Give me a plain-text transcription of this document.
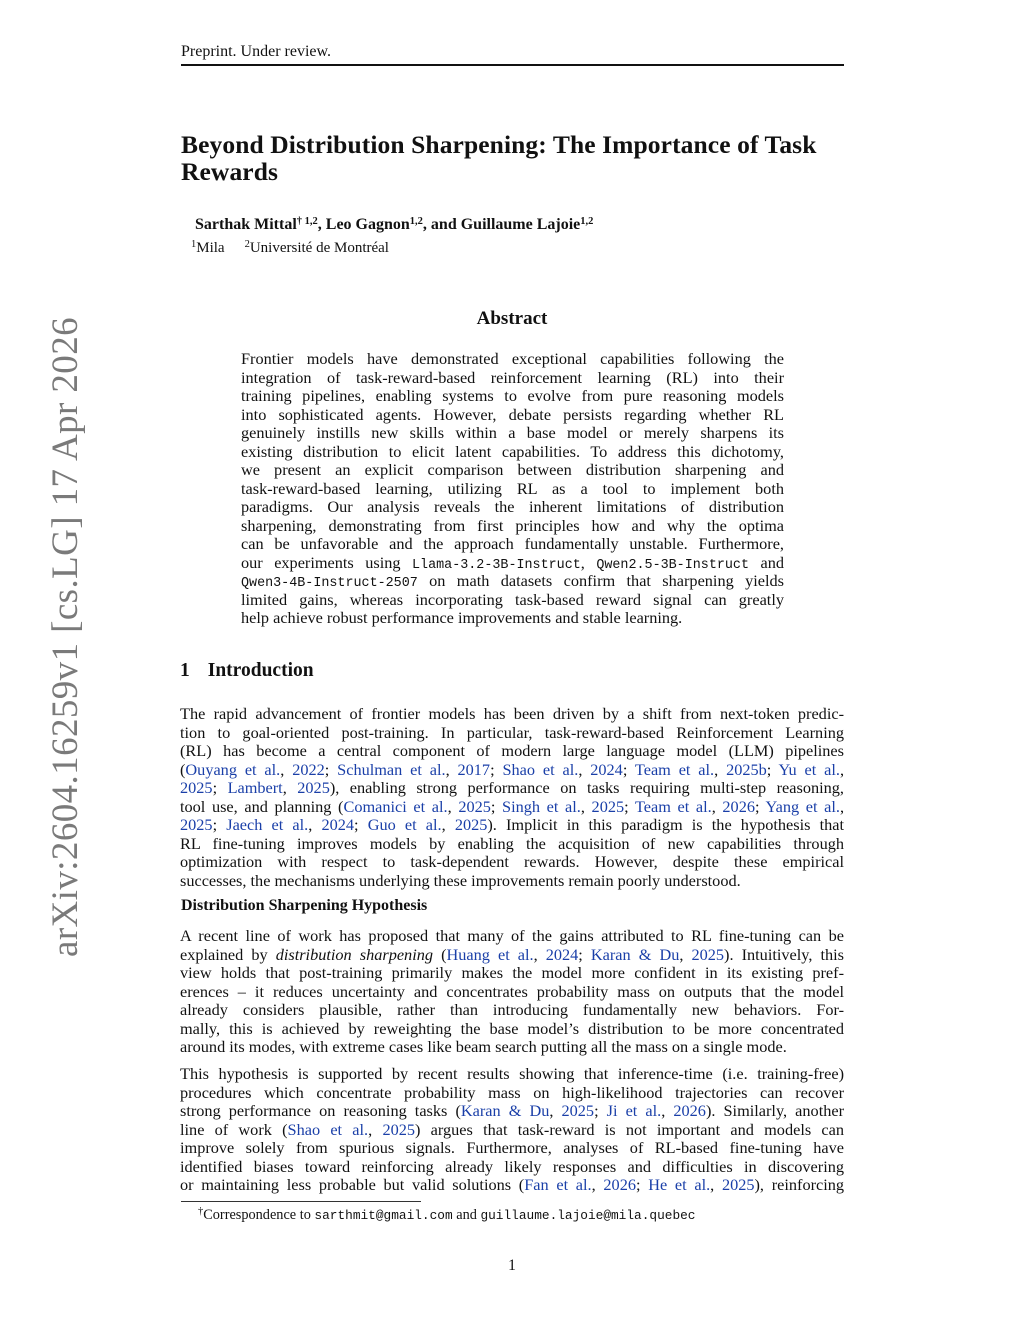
Preprint. Under review.
arXiv:2604.16259v1 [cs.LG] 17 Apr 2026
Beyond Distribution Sharpening: The Importance of Task
Rewards
Sarthak Mittal$^{\dagger 1,2}$, Leo Gagnon$^{1,2}$, and Guillaume Lajoie$^{1,2}$
$^1$Mila $^2$Université de Montréal
Abstract
Frontier models have demonstrated exceptional capabilities following the
integration of task-reward-based reinforcement learning (RL) into their
training pipelines, enabling systems to evolve from pure reasoning models
into sophisticated agents. However, debate persists regarding whether RL
genuinely instills new skills within a base model or merely sharpens its
existing distribution to elicit latent capabilities. To address this dichotomy,
we present an explicit comparison between distribution sharpening and
task-reward-based learning, utilizing RL as a tool to implement both
paradigms. Our analysis reveals the inherent limitations of distribution
sharpening, demonstrating from first principles how and why the optima
can be unfavorable and the approach fundamentally unstable. Furthermore,
our experiments using Llama-3.2-3B-Instruct, Qwen2.5-3B-Instruct and
Qwen3-4B-Instruct-2507 on math datasets confirm that sharpening yields
limited gains, whereas incorporating task-based reward signal can greatly
help achieve robust performance improvements and stable learning.
1 Introduction
The rapid advancement of frontier models has been driven by a shift from next-token predic-
tion to goal-oriented post-training. In particular, task-reward-based Reinforcement Learning
(RL) has become a central component of modern large language model (LLM) pipelines
(Ouyang et al., 2022; Schulman et al., 2017; Shao et al., 2024; Team et al., 2025b; Yu et al.,
2025; Lambert, 2025), enabling strong performance on tasks requiring multi-step reasoning,
tool use, and planning (Comanici et al., 2025; Singh et al., 2025; Team et al., 2026; Yang et al.,
2025; Jaech et al., 2024; Guo et al., 2025). Implicit in this paradigm is the hypothesis that
RL fine-tuning improves models by enabling the acquisition of new capabilities through
optimization with respect to task-dependent rewards. However, despite these empirical
successes, the mechanisms underlying these improvements remain poorly understood.
Distribution Sharpening Hypothesis
A recent line of work has proposed that many of the gains attributed to RL fine-tuning can be
explained by distribution sharpening (Huang et al., 2024; Karan & Du, 2025). Intuitively, this
view holds that post-training primarily makes the model more confident in its existing pref-
erences – it reduces uncertainty and concentrates probability mass on outputs that the model
already considers plausible, rather than introducing fundamentally new behaviors. For-
mally, this is achieved by reweighting the base model’s distribution to be more concentrated
around its modes, with extreme cases like beam search putting all the mass on a single mode.
This hypothesis is supported by recent results showing that inference-time (i.e. training-free)
procedures which concentrate probability mass on high-likelihood trajectories can recover
strong performance on reasoning tasks (Karan & Du, 2025; Ji et al., 2026). Similarly, another
line of work (Shao et al., 2025) argues that task-reward is not important and models can
improve solely from spurious signals. Furthermore, analyses of RL-based fine-tuning have
identified biases toward reinforcing already likely responses and difficulties in discovering
or maintaining less probable but valid solutions (Fan et al., 2026; He et al., 2025), reinforcing
†Correspondence to sarthmit@gmail.com and guillaume.lajoie@mila.quebec
1
